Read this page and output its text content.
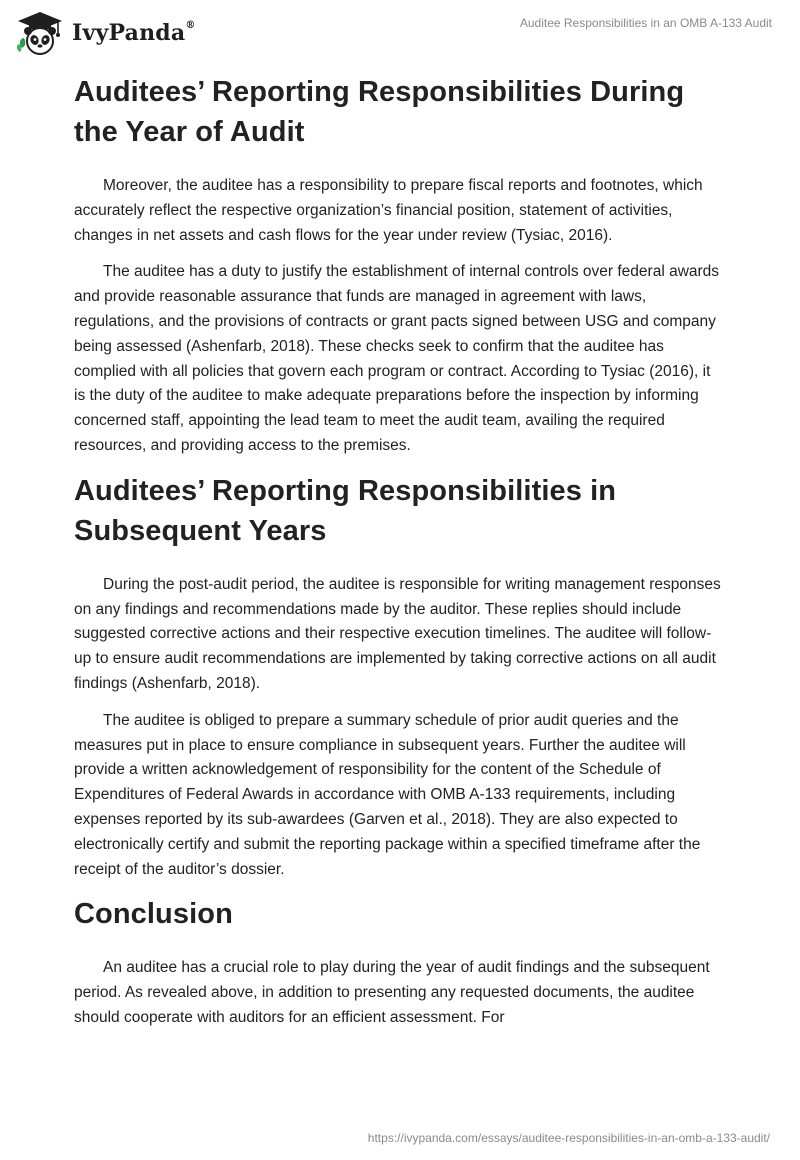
IvyPanda®	Auditee Responsibilities in an OMB A-133 Audit
Auditees’ Reporting Responsibilities During the Year of Audit

Moreover, the auditee has a responsibility to prepare fiscal reports and footnotes, which accurately reflect the respective organization’s financial position, statement of activities, changes in net assets and cash flows for the year under review (Tysiac, 2016).

The auditee has a duty to justify the establishment of internal controls over federal awards and provide reasonable assurance that funds are managed in agreement with laws, regulations, and the provisions of contracts or grant pacts signed between USG and company being assessed (Ashenfarb, 2018). These checks seek to confirm that the auditee has complied with all policies that govern each program or contract. According to Tysiac (2016), it is the duty of the auditee to make adequate preparations before the inspection by informing concerned staff, appointing the lead team to meet the audit team, availing the required resources, and providing access to the premises.

Auditees’ Reporting Responsibilities in Subsequent Years

During the post-audit period, the auditee is responsible for writing management responses on any findings and recommendations made by the auditor. These replies should include suggested corrective actions and their respective execution timelines. The auditee will follow-up to ensure audit recommendations are implemented by taking corrective actions on all audit findings (Ashenfarb, 2018).

The auditee is obliged to prepare a summary schedule of prior audit queries and the measures put in place to ensure compliance in subsequent years. Further the auditee will provide a written acknowledgement of responsibility for the content of the Schedule of Expenditures of Federal Awards in accordance with OMB A-133 requirements, including expenses reported by its sub-awardees (Garven et al., 2018). They are also expected to electronically certify and submit the reporting package within a specified timeframe after the receipt of the auditor’s dossier.

Conclusion

An auditee has a crucial role to play during the year of audit findings and the subsequent period. As revealed above, in addition to presenting any requested documents, the auditee should cooperate with auditors for an efficient assessment. For

https://ivypanda.com/essays/auditee-responsibilities-in-an-omb-a-133-audit/
